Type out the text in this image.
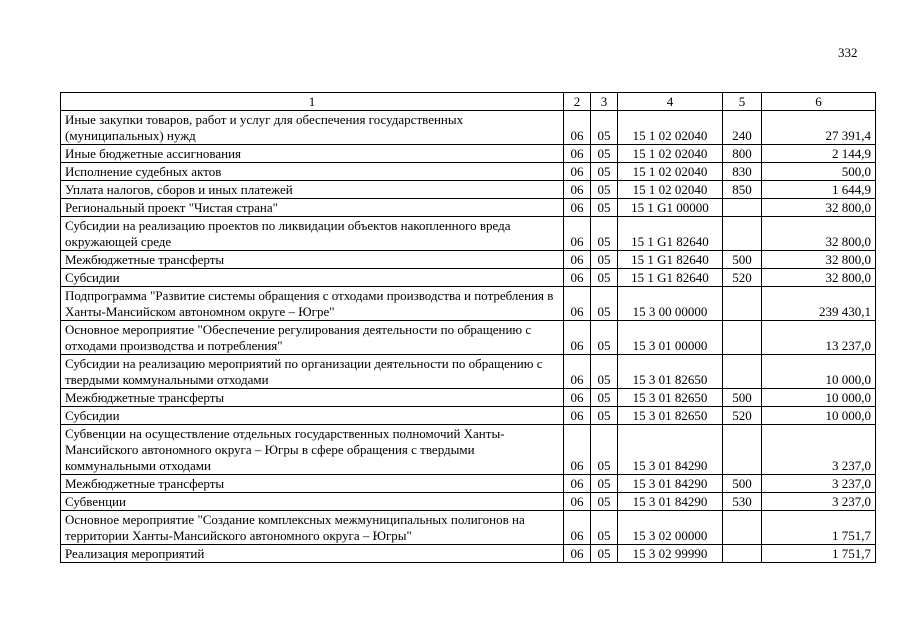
332
1	2	3	4	5	6
Иные закупки товаров, работ и услуг для обеспечения государственных (муниципальных) нужд	06	05	15 1 02 02040	240	27 391,4
Иные бюджетные ассигнования	06	05	15 1 02 02040	800	2 144,9
Исполнение судебных актов	06	05	15 1 02 02040	830	500,0
Уплата налогов, сборов и иных платежей	06	05	15 1 02 02040	850	1 644,9
Региональный проект "Чистая страна"	06	05	15 1 G1 00000		32 800,0
Субсидии на реализацию проектов по ликвидации объектов накопленного вреда окружающей среде	06	05	15 1 G1 82640		32 800,0
Межбюджетные трансферты	06	05	15 1 G1 82640	500	32 800,0
Субсидии	06	05	15 1 G1 82640	520	32 800,0
Подпрограмма "Развитие системы обращения с отходами производства и потребления в Ханты-Мансийском автономном округе – Югре"	06	05	15 3 00 00000		239 430,1
Основное мероприятие "Обеспечение регулирования деятельности по обращению с отходами производства и потребления"	06	05	15 3 01 00000		13 237,0
Субсидии на реализацию мероприятий по организации деятельности по обращению с твердыми коммунальными отходами	06	05	15 3 01 82650		10 000,0
Межбюджетные трансферты	06	05	15 3 01 82650	500	10 000,0
Субсидии	06	05	15 3 01 82650	520	10 000,0
Субвенции на осуществление отдельных государственных полномочий Ханты-Мансийского автономного округа – Югры в сфере обращения с твердыми коммунальными отходами	06	05	15 3 01 84290		3 237,0
Межбюджетные трансферты	06	05	15 3 01 84290	500	3 237,0
Субвенции	06	05	15 3 01 84290	530	3 237,0
Основное мероприятие "Создание комплексных межмуниципальных полигонов на территории Ханты-Мансийского автономного округа – Югры"	06	05	15 3 02 00000		1 751,7
Реализация мероприятий	06	05	15 3 02 99990		1 751,7
